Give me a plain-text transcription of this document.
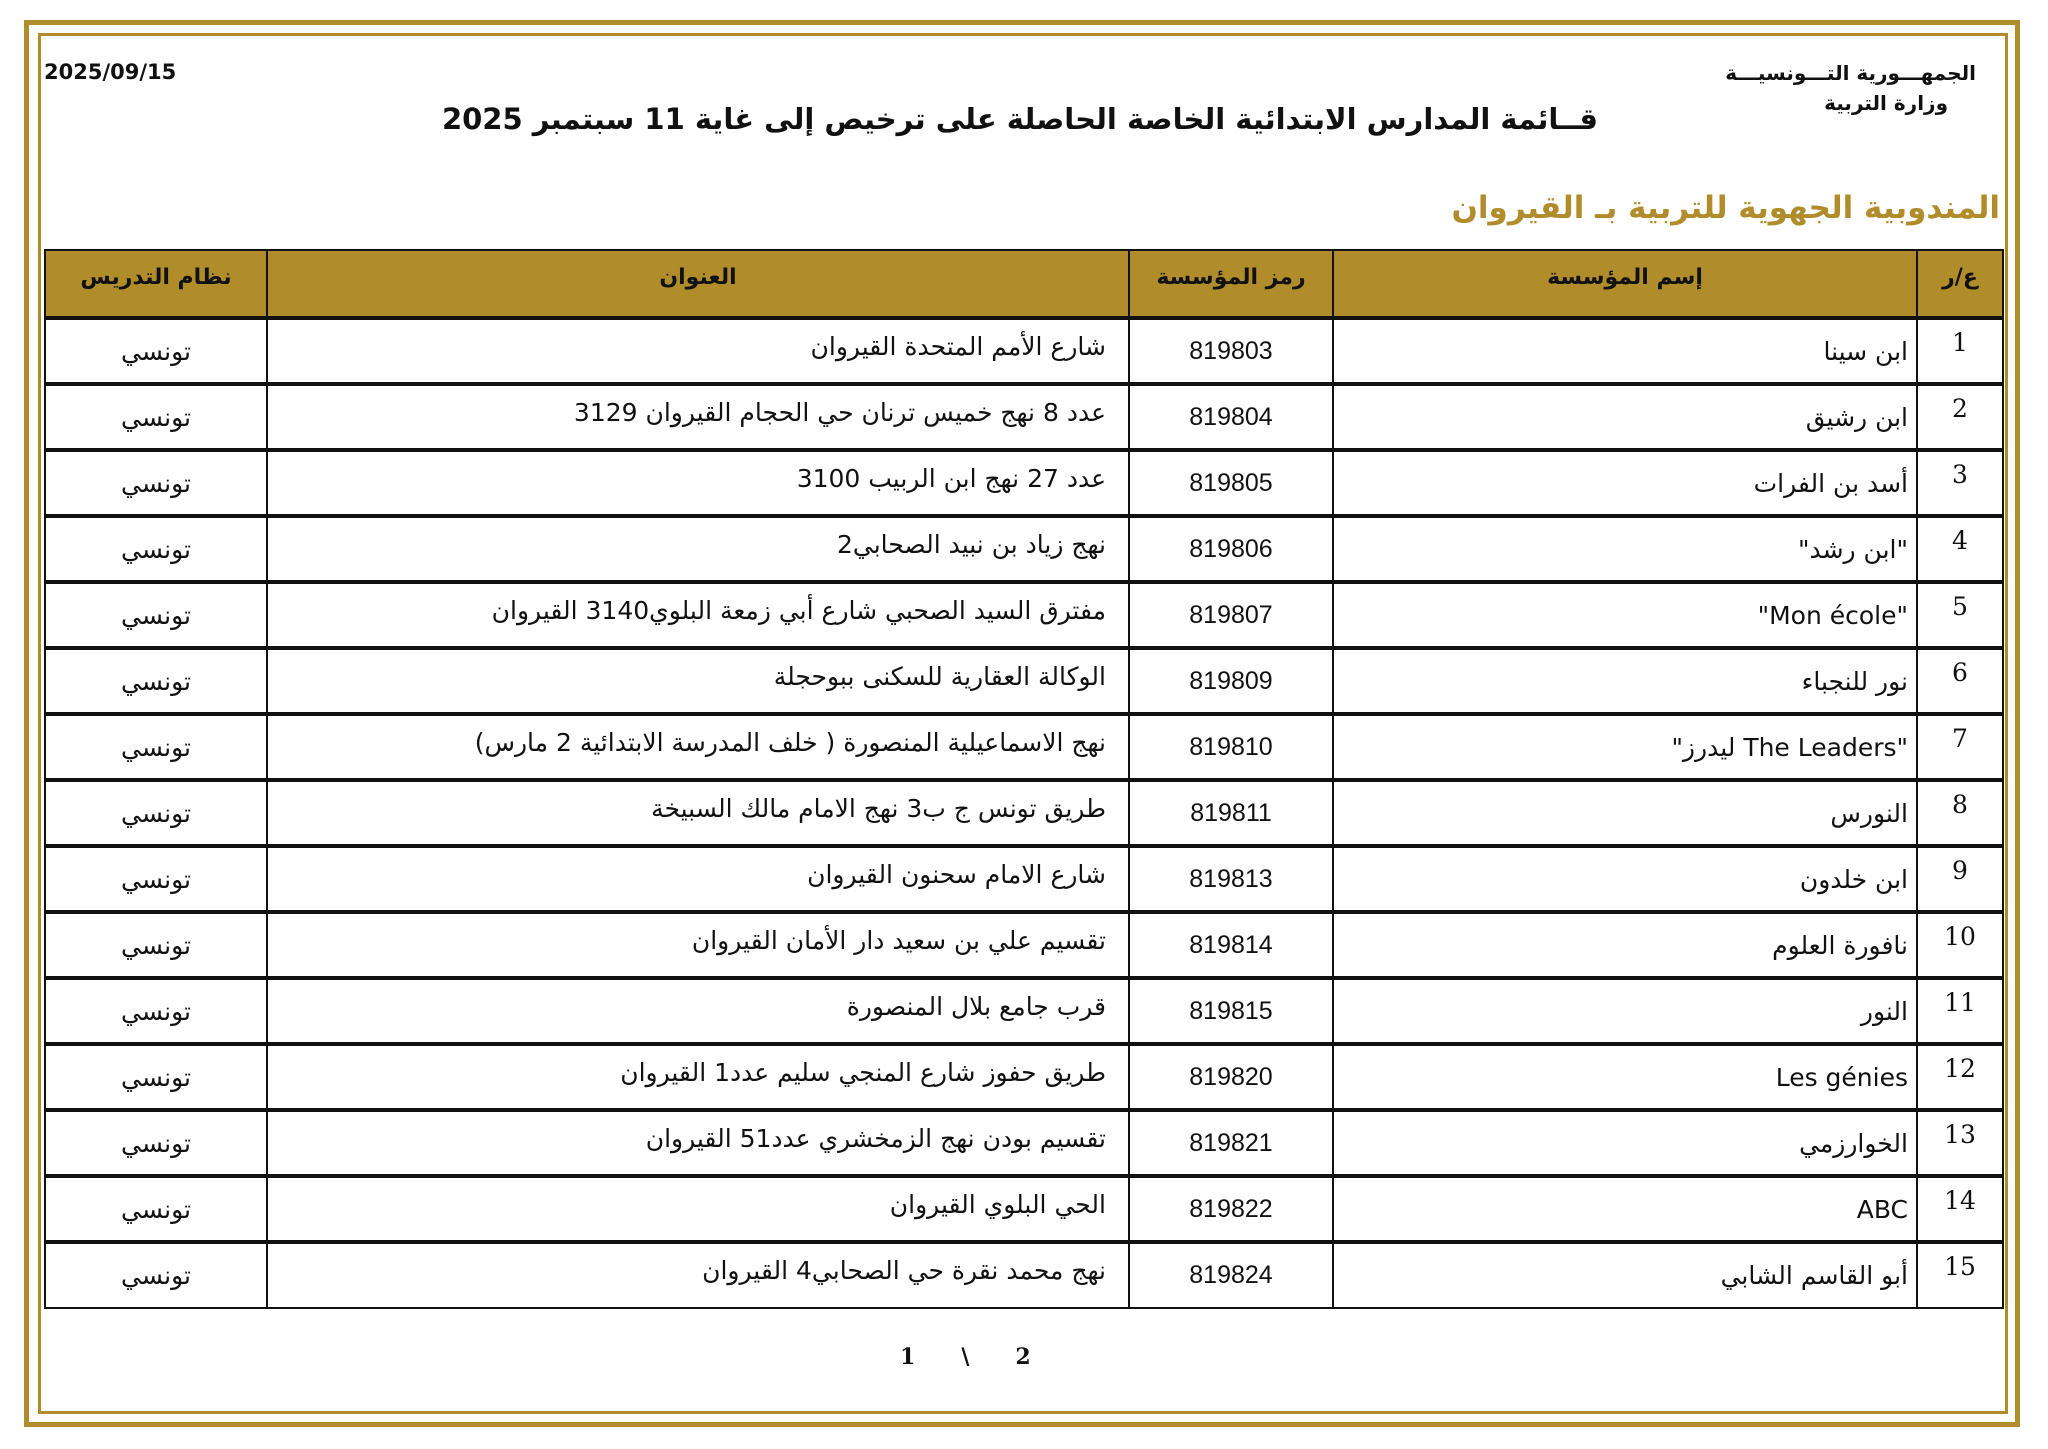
2025/09/15	الجمهـــورية التـــونسيـــة
وزارة التربية
قــائمة المدارس الابتدائية الخاصة الحاصلة على ترخيص إلى غاية 11 سبتمبر 2025
المندوبية الجهوية للتربية بـ القيروان
ع/ر	إسم المؤسسة	رمز المؤسسة	العنوان	نظام التدريس
1	ابن سينا	819803	شارع الأمم المتحدة القيروان	تونسي
2	ابن رشيق	819804	عدد 8 نهج خميس ترنان حي الحجام القيروان 3129	تونسي
3	أسد بن الفرات	819805	عدد 27 نهج ابن الربيب 3100	تونسي
4	"ابن رشد"	819806	نهج زياد بن نبيد الصحابي2	تونسي
5	"Mon école"	819807	مفترق السيد الصحبي شارع أبي زمعة البلوي3140 القيروان	تونسي
6	نور للنجباء	819809	الوكالة العقارية للسكنى ببوحجلة	تونسي
7	"The Leaders ليدرز"	819810	نهج الاسماعيلية المنصورة ( خلف المدرسة الابتدائية 2 مارس)	تونسي
8	النورس	819811	طريق تونس ج ب3 نهج الامام مالك السبيخة	تونسي
9	ابن خلدون	819813	شارع الامام سحنون القيروان	تونسي
10	نافورة العلوم	819814	تقسيم علي بن سعيد دار الأمان القيروان	تونسي
11	النور	819815	قرب جامع بلال المنصورة	تونسي
12	Les génies	819820	طريق حفوز شارع المنجي سليم عدد1 القيروان	تونسي
13	الخوارزمي	819821	تقسيم بودن نهج الزمخشري عدد51 القيروان	تونسي
14	ABC	819822	الحي البلوي القيروان	تونسي
15	أبو القاسم الشابي	819824	نهج محمد نقرة حي الصحابي4 القيروان	تونسي
1 \ 2
